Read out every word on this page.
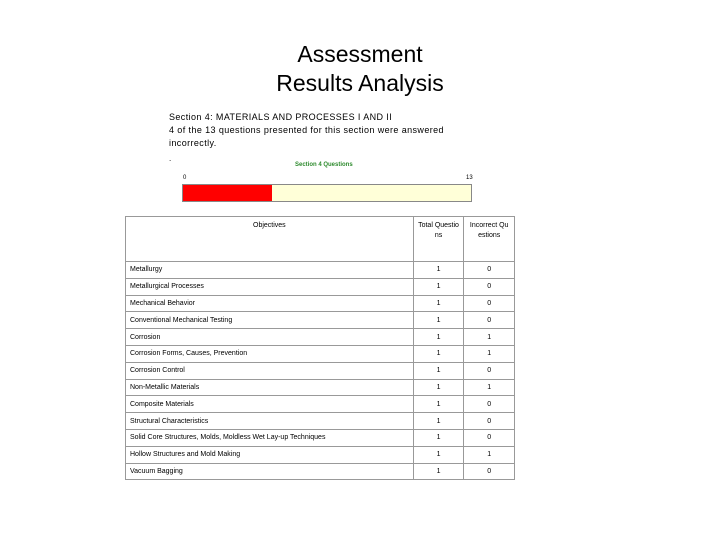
Assessment
Results Analysis
Section 4: MATERIALS AND PROCESSES I AND II
4 of the 13 questions presented for this section were answered
incorrectly.
.
Section 4 Questions
0	13
Objectives	Total Questions	Incorrect Questions
Metallurgy	1	0
Metallurgical Processes	1	0
Mechanical Behavior	1	0
Conventional Mechanical Testing	1	0
Corrosion	1	1
Corrosion Forms, Causes, Prevention	1	1
Corrosion Control	1	0
Non-Metallic Materials	1	1
Composite Materials	1	0
Structural Characteristics	1	0
Solid Core Structures, Molds, Moldless Wet Lay-up Techniques	1	0
Hollow Structures and Mold Making	1	1
Vacuum Bagging	1	0
